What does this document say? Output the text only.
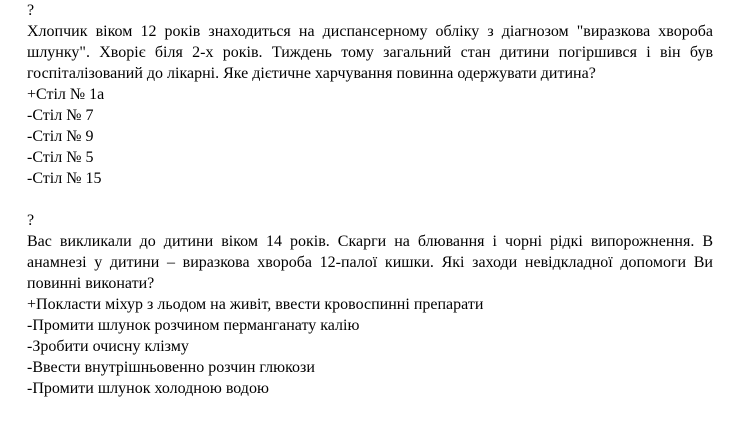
?
Хлопчик віком 12 років знаходиться на диспансерному обліку з діагнозом "виразкова хвороба шлунку". Хворіє біля 2-х років. Тиждень тому загальний стан дитини погіршився і він був госпіталізований до лікарні. Яке дієтичне харчування повинна одержувати дитина?
+Стіл № 1а
-Стіл № 7
-Стіл № 9
-Стіл № 5
-Стіл № 15
?
Вас викликали до дитини віком 14 років. Скарги на блювання і чорні рідкі випорожнення. В анамнезі у дитини – виразкова хвороба 12-палої кишки. Які заходи невідкладної допомоги Ви повинні виконати?
+Покласти міхур з льодом на живіт, ввести кровоспинні препарати
-Промити шлунок розчином перманганату калію
-Зробити очисну клізму
-Ввести внутрішньовенно розчин глюкози
-Промити шлунок холодною водою
